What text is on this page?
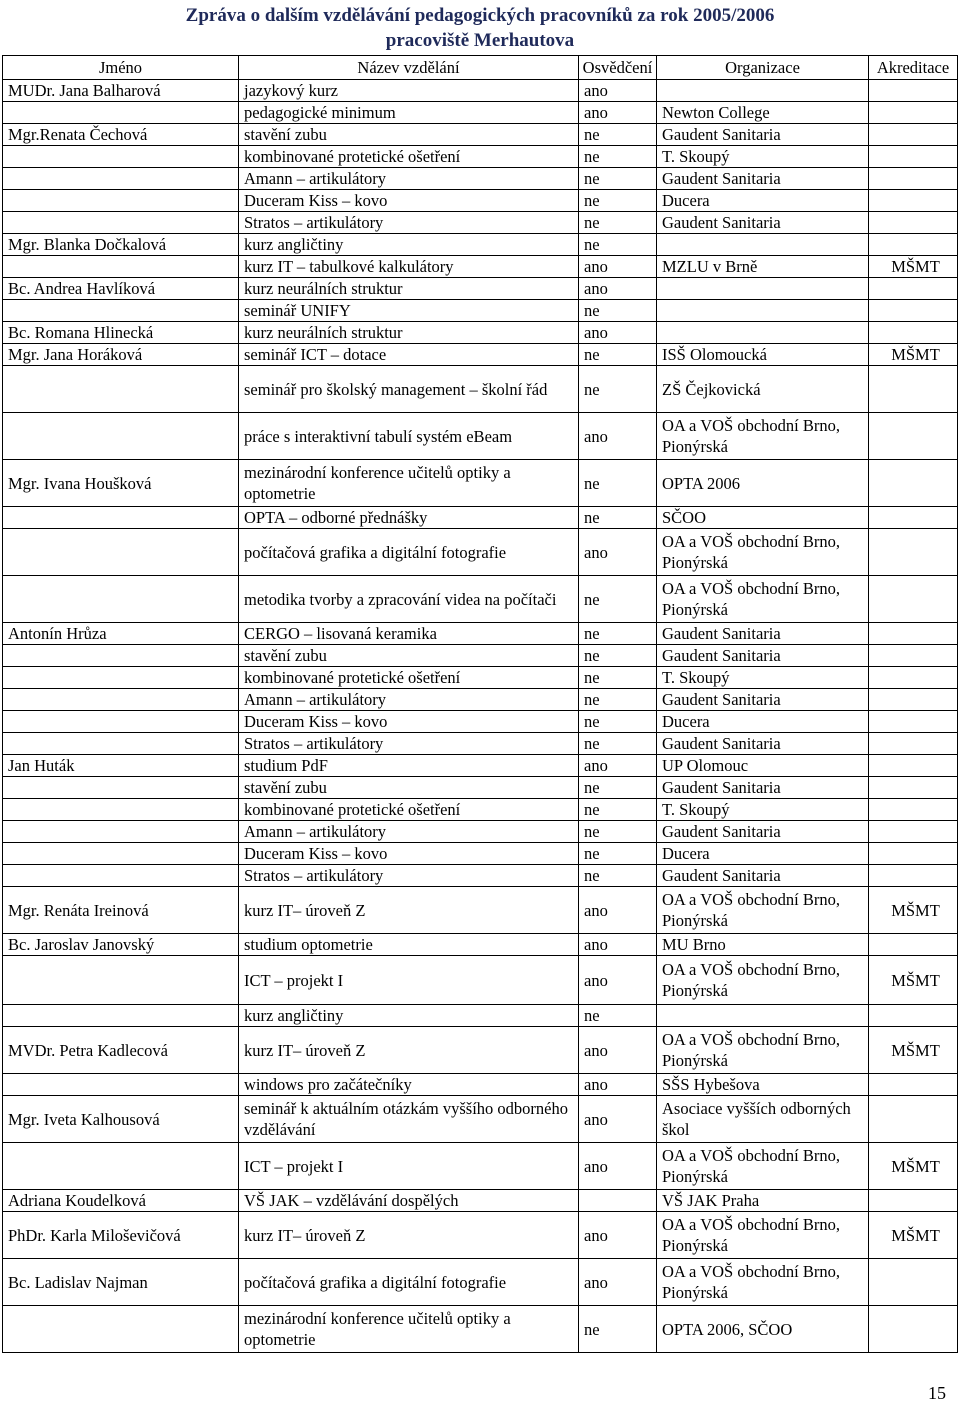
Zpráva o dalším vzdělávání pedagogických pracovníků za rok 2005/2006
pracoviště Merhautova
Jméno	Název vzdělání	Osvědčení	Organizace	Akreditace
MUDr. Jana Balharová	jazykový kurz	ano		
	pedagogické minimum	ano	Newton College	
Mgr.Renata Čechová	stavění zubu	ne	Gaudent Sanitaria	
	kombinované protetické ošetření	ne	T. Skoupý	
	Amann – artikulátory	ne	Gaudent Sanitaria	
	Duceram Kiss – kovo	ne	Ducera	
	Stratos – artikulátory	ne	Gaudent Sanitaria	
Mgr. Blanka Dočkalová	kurz angličtiny	ne		
	kurz IT – tabulkové kalkulátory	ano	MZLU v Brně	MŠMT
Bc. Andrea Havlíková	kurz neurálních struktur	ano		
	seminář UNIFY	ne		
Bc. Romana Hlinecká	kurz neurálních struktur	ano		
Mgr. Jana Horáková	seminář ICT – dotace	ne	ISŠ Olomoucká	MŠMT
	seminář pro školský management – školní řád	ne	ZŠ Čejkovická	
	práce s interaktivní tabulí systém eBeam	ano	OA a VOŠ obchodní Brno, Pionýrská	
Mgr. Ivana Houšková	mezinárodní konference učitelů optiky a optometrie	ne	OPTA 2006	
	OPTA – odborné přednášky	ne	SČOO	
	počítačová grafika a digitální fotografie	ano	OA a VOŠ obchodní Brno, Pionýrská	
	metodika tvorby a zpracování videa na počítači	ne	OA a VOŠ obchodní Brno, Pionýrská	
Antonín Hrůza	CERGO – lisovaná keramika	ne	Gaudent Sanitaria	
	stavění zubu	ne	Gaudent Sanitaria	
	kombinované protetické ošetření	ne	T. Skoupý	
	Amann – artikulátory	ne	Gaudent Sanitaria	
	Duceram Kiss – kovo	ne	Ducera	
	Stratos – artikulátory	ne	Gaudent Sanitaria	
Jan Huták	studium PdF	ano	UP Olomouc	
	stavění zubu	ne	Gaudent Sanitaria	
	kombinované protetické ošetření	ne	T. Skoupý	
	Amann – artikulátory	ne	Gaudent Sanitaria	
	Duceram Kiss – kovo	ne	Ducera	
	Stratos – artikulátory	ne	Gaudent Sanitaria	
Mgr. Renáta Ireinová	kurz IT– úroveň Z	ano	OA a VOŠ obchodní Brno, Pionýrská	MŠMT
Bc. Jaroslav Janovský	studium optometrie	ano	MU Brno	
	ICT – projekt I	ano	OA a VOŠ obchodní Brno, Pionýrská	MŠMT
	kurz angličtiny	ne		
MVDr. Petra Kadlecová	kurz IT– úroveň Z	ano	OA a VOŠ obchodní Brno, Pionýrská	MŠMT
	windows pro začátečníky	ano	SŠS Hybešova	
Mgr. Iveta Kalhousová	seminář k aktuálním otázkám vyššího odborného vzdělávání	ano	Asociace vyšších odborných škol	
	ICT – projekt I	ano	OA a VOŠ obchodní Brno, Pionýrská	MŠMT
Adriana Koudelková	VŠ JAK – vzdělávání dospělých		VŠ JAK Praha	
PhDr. Karla Miloševičová	kurz IT– úroveň Z	ano	OA a VOŠ obchodní Brno, Pionýrská	MŠMT
Bc. Ladislav Najman	počítačová grafika a digitální fotografie	ano	OA a VOŠ obchodní Brno, Pionýrská	
	mezinárodní konference učitelů optiky a optometrie	ne	OPTA 2006, SČOO	
15
